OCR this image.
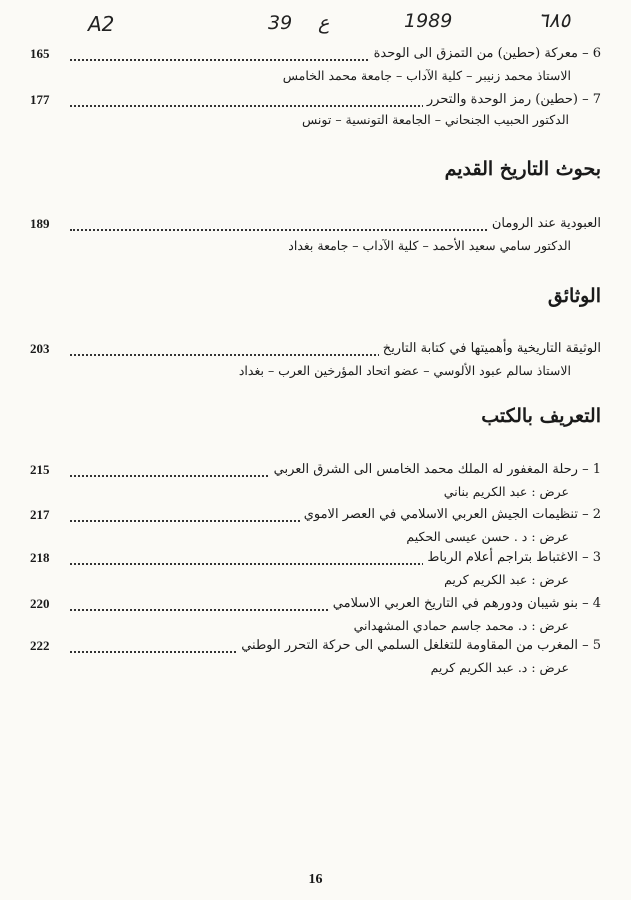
A2	39 ع	1989	٦٨٥
165	6 – معركة (حطين) من التمزق الى الوحدة
الاستاذ محمد زنيبر – كلية الآداب – جامعة محمد الخامس
177	7 – (حطين) رمز الوحدة والتحرر
الدكتور الحبيب الجنحاني – الجامعة التونسية – تونس
بحوث التاريخ القديم
189	العبودية عند الرومان
الدكتور سامي سعيد الأحمد – كلية الآداب – جامعة بغداد
الوثائق
203	الوثيقة التاريخية وأهميتها في كتابة التاريخ
الاستاذ سالم عبود الألوسي – عضو اتحاد المؤرخين العرب – بغداد
التعريف بالكتب
215	1 – رحلة المغفور له الملك محمد الخامس الى الشرق العربي
عرض : عبد الكريم بناني
217	2 – تنظيمات الجيش العربي الاسلامي في العصر الاموي
عرض : د . حسن عيسى الحكيم
218	3 – الاغتباط بتراجم أعلام الرباط
عرض : عبد الكريم كريم
220	4 – بنو شيبان ودورهم في التاريخ العربي الاسلامي
عرض : د. محمد جاسم حمادي المشهداني
222	5 – المغرب من المقاومة للتغلغل السلمي الى حركة التحرر الوطني
عرض : د. عبد الكريم كريم
16
